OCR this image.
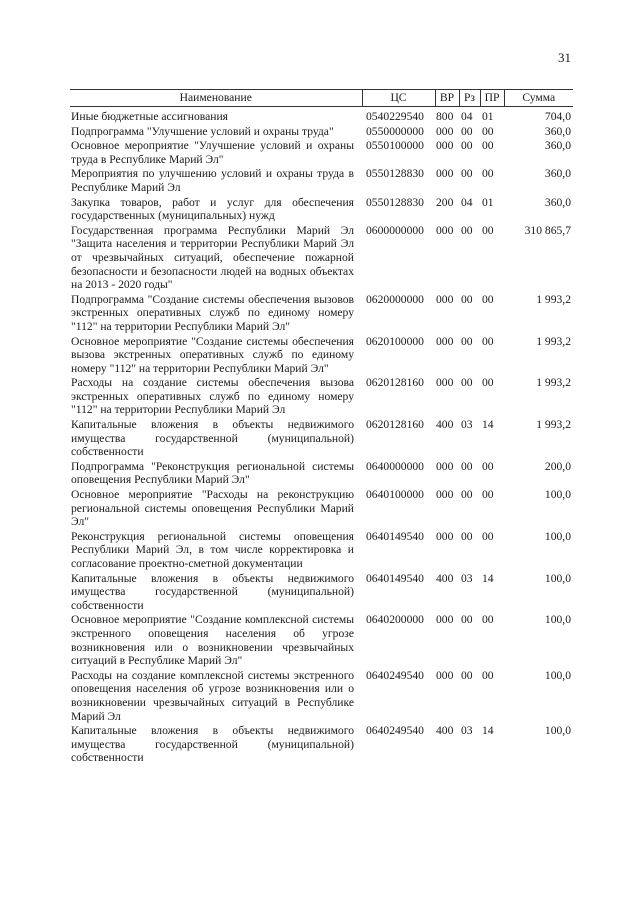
31
Наименование	ЦС	ВР	Рз	ПР	Сумма
Иные бюджетные ассигнования	0540229540	800	04	01	704,0
Подпрограмма "Улучшение условий и охраны труда"	0550000000	000	00	00	360,0
Основное мероприятие "Улучшение условий и охраны труда в Республике Марий Эл"	0550100000	000	00	00	360,0
Мероприятия по улучшению условий и охраны труда в Республике Марий Эл	0550128830	000	00	00	360,0
Закупка товаров, работ и услуг для обеспечения государственных (муниципальных) нужд	0550128830	200	04	01	360,0
Государственная программа Республики Марий Эл "Защита населения и территории Республики Марий Эл от чрезвычайных ситуаций, обеспечение пожарной безопасности и безопасности людей на водных объектах на 2013 - 2020 годы"	0600000000	000	00	00	310 865,7
Подпрограмма "Создание системы обеспечения вызовов экстренных оперативных служб по единому номеру "112" на территории Республики Марий Эл"	0620000000	000	00	00	1 993,2
Основное мероприятие "Создание системы обеспечения вызова экстренных оперативных служб по единому номеру "112" на территории Республики Марий Эл"	0620100000	000	00	00	1 993,2
Расходы на создание системы обеспечения вызова экстренных оперативных служб по единому номеру "112" на территории Республики Марий Эл	0620128160	000	00	00	1 993,2
Капитальные вложения в объекты недвижимого имущества государственной (муниципальной) собственности	0620128160	400	03	14	1 993,2
Подпрограмма "Реконструкция региональной системы оповещения Республики Марий Эл"	0640000000	000	00	00	200,0
Основное мероприятие "Расходы на реконструкцию региональной системы оповещения Республики Марий Эл"	0640100000	000	00	00	100,0
Реконструкция региональной системы оповещения Республики Марий Эл, в том числе корректировка и согласование проектно-сметной документации	0640149540	000	00	00	100,0
Капитальные вложения в объекты недвижимого имущества государственной (муниципальной) собственности	0640149540	400	03	14	100,0
Основное мероприятие "Создание комплексной системы экстренного оповещения населения об угрозе возникновения или о возникновении чрезвычайных ситуаций в Республике Марий Эл"	0640200000	000	00	00	100,0
Расходы на создание комплексной системы экстренного оповещения населения об угрозе возникновения или о возникновении чрезвычайных ситуаций в Республике Марий Эл	0640249540	000	00	00	100,0
Капитальные вложения в объекты недвижимого имущества государственной (муниципальной) собственности	0640249540	400	03	14	100,0
